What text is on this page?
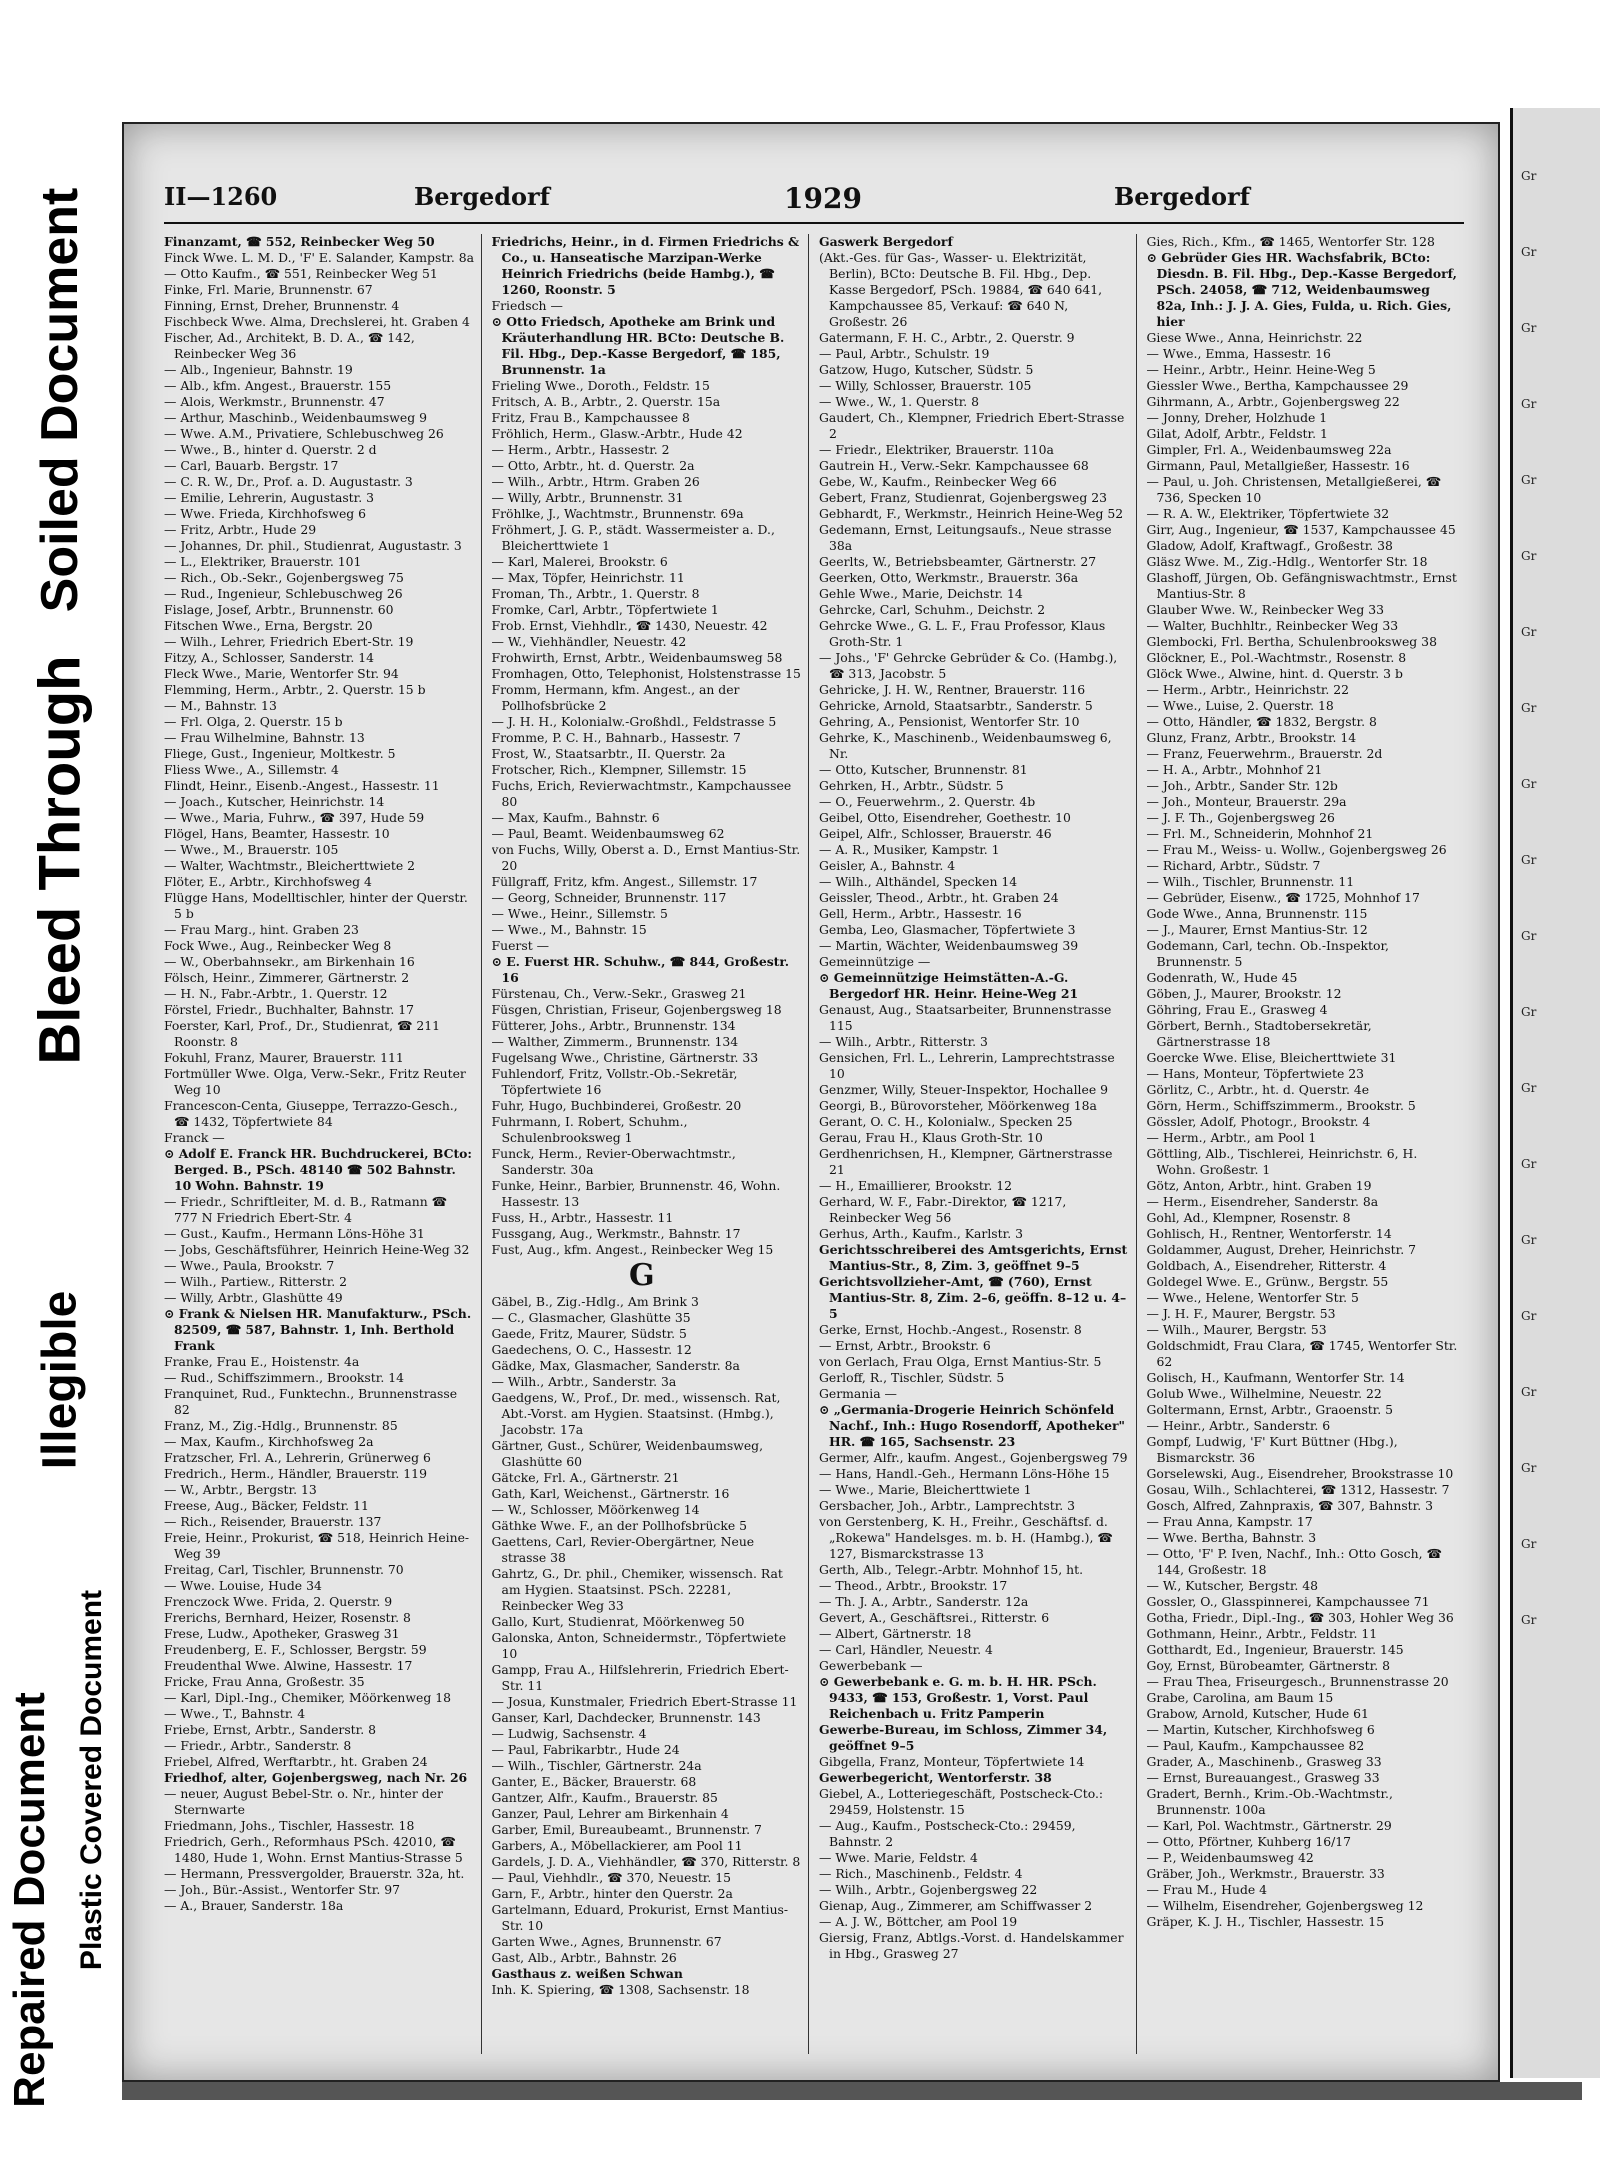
Soiled Document
Bleed Through
Illegible
Repaired Document Plastic Covered Document
II—1260	Bergedorf	1929	Bergedorf
Finanzamt, ☎ 552, Reinbecker Weg 50
Finck Wwe. L. M. D., 'F' E. Salander, Kampstr. 8a
— Otto Kaufm., ☎ 551, Reinbecker Weg 51
Finke, Frl. Marie, Brunnenstr. 67
Finning, Ernst, Dreher, Brunnenstr. 4
Fischbeck Wwe. Alma, Drechslerei, ht. Graben 4
Fischer, Ad., Architekt, B. D. A., ☎ 142, Reinbecker Weg 36
— Alb., Ingenieur, Bahnstr. 19
— Alb., kfm. Angest., Brauerstr. 155
— Alois, Werkmstr., Brunnenstr. 47
— Arthur, Maschinb., Weidenbaumsweg 9
— Wwe. A.M., Privatiere, Schlebuschweg 26
— Wwe., B., hinter d. Querstr. 2 d
— Carl, Bauarb. Bergstr. 17
— C. R. W., Dr., Prof. a. D. Augustastr. 3
— Emilie, Lehrerin, Augustastr. 3
— Wwe. Frieda, Kirchhofsweg 6
— Fritz, Arbtr., Hude 29
— Johannes, Dr. phil., Studienrat, Augustastr. 3
— L., Elektriker, Brauerstr. 101
— Rich., Ob.-Sekr., Gojenbergsweg 75
— Rud., Ingenieur, Schlebuschweg 26
Fislage, Josef, Arbtr., Brunnenstr. 60
Fitschen Wwe., Erna, Bergstr. 20
— Wilh., Lehrer, Friedrich Ebert-Str. 19
Fitzy, A., Schlosser, Sanderstr. 14
Fleck Wwe., Marie, Wentorfer Str. 94
Flemming, Herm., Arbtr., 2. Querstr. 15 b
— M., Bahnstr. 13
— Frl. Olga, 2. Querstr. 15 b
— Frau Wilhelmine, Bahnstr. 13
Fliege, Gust., Ingenieur, Moltkestr. 5
Fliess Wwe., A., Sillemstr. 4
Flindt, Heinr., Eisenb.-Angest., Hassestr. 11
— Joach., Kutscher, Heinrichstr. 14
— Wwe., Maria, Fuhrw., ☎ 397, Hude 59
Flögel, Hans, Beamter, Hassestr. 10
— Wwe., M., Brauerstr. 105
— Walter, Wachtmstr., Bleicherttwiete 2
Flöter, E., Arbtr., Kirchhofsweg 4
Flügge Hans, Modelltischler, hinter der Querstr. 5 b
— Frau Marg., hint. Graben 23
Fock Wwe., Aug., Reinbecker Weg 8
— W., Oberbahnsekr., am Birkenhain 16
Fölsch, Heinr., Zimmerer, Gärtnerstr. 2
— H. N., Fabr.-Arbtr., 1. Querstr. 12
Förstel, Friedr., Buchhalter, Bahnstr. 17
Foerster, Karl, Prof., Dr., Studienrat, ☎ 211 Roonstr. 8
Fokuhl, Franz, Maurer, Brauerstr. 111
Fortmüller Wwe. Olga, Verw.-Sekr., Fritz Reuter Weg 10
Francescon-Centa, Giuseppe, Terrazzo-Gesch., ☎ 1432, Töpfertwiete 84
Franck —
⊙ Adolf E. Franck HR. Buchdruckerei, BCto: Berged. B., PSch. 48140 ☎ 502 Bahnstr. 10 Wohn. Bahnstr. 19
— Friedr., Schriftleiter, M. d. B., Ratmann ☎ 777 N Friedrich Ebert-Str. 4
— Gust., Kaufm., Hermann Löns-Höhe 31
— Jobs, Geschäftsführer, Heinrich Heine-Weg 32
— Wwe., Paula, Brookstr. 7
— Wilh., Partiew., Ritterstr. 2
— Willy, Arbtr., Glashütte 49
⊙ Frank & Nielsen HR. Manufakturw., PSch. 82509, ☎ 587, Bahnstr. 1, Inh. Berthold Frank
Franke, Frau E., Hoistenstr. 4a
— Rud., Schiffszimmern., Brookstr. 14
Franquinet, Rud., Funktechn., Brunnenstrasse 82
Franz, M., Zig.-Hdlg., Brunnenstr. 85
— Max, Kaufm., Kirchhofsweg 2a
Fratzscher, Frl. A., Lehrerin, Grünerweg 6
Fredrich., Herm., Händler, Brauerstr. 119
— W., Arbtr., Bergstr. 13
Freese, Aug., Bäcker, Feldstr. 11
— Rich., Reisender, Brauerstr. 137
Freie, Heinr., Prokurist, ☎ 518, Heinrich Heine-Weg 39
Freitag, Carl, Tischler, Brunnenstr. 70
— Wwe. Louise, Hude 34
Frenczock Wwe. Frida, 2. Querstr. 9
Frerichs, Bernhard, Heizer, Rosenstr. 8
Frese, Ludw., Apotheker, Grasweg 31
Freudenberg, E. F., Schlosser, Bergstr. 59
Freudenthal Wwe. Alwine, Hassestr. 17
Fricke, Frau Anna, Großestr. 35
— Karl, Dipl.-Ing., Chemiker, Möörkenweg 18
— Wwe., T., Bahnstr. 4
Friebe, Ernst, Arbtr., Sanderstr. 8
— Friedr., Arbtr., Sanderstr. 8
Friebel, Alfred, Werftarbtr., ht. Graben 24
Friedhof, alter, Gojenbergsweg, nach Nr. 26
— neuer, August Bebel-Str. o. Nr., hinter der Sternwarte
Friedmann, Johs., Tischler, Hassestr. 18
Friedrich, Gerh., Reformhaus PSch. 42010, ☎ 1480, Hude 1, Wohn. Ernst Mantius-Strasse 5
— Hermann, Pressvergolder, Brauerstr. 32a, ht.
— Joh., Bür.-Assist., Wentorfer Str. 97
— A., Brauer, Sanderstr. 18a
Friedrichs, Heinr., in d. Firmen Friedrichs & Co., u. Hanseatische Marzipan-Werke Heinrich Friedrichs (beide Hambg.), ☎ 1260, Roonstr. 5
Friedsch —
⊙ Otto Friedsch, Apotheke am Brink und Kräuterhandlung HR. BCto: Deutsche B. Fil. Hbg., Dep.-Kasse Bergedorf, ☎ 185, Brunnenstr. 1a
Frieling Wwe., Doroth., Feldstr. 15
Fritsch, A. B., Arbtr., 2. Querstr. 15a
Fritz, Frau B., Kampchaussee 8
Fröhlich, Herm., Glasw.-Arbtr., Hude 42
— Herm., Arbtr., Hassestr. 2
— Otto, Arbtr., ht. d. Querstr. 2a
— Wilh., Arbtr., Htrm. Graben 26
— Willy, Arbtr., Brunnenstr. 31
Fröhlke, J., Wachtmstr., Brunnenstr. 69a
Fröhmert, J. G. P., städt. Wassermeister a. D., Bleicherttwiete 1
— Karl, Malerei, Brookstr. 6
— Max, Töpfer, Heinrichstr. 11
Froman, Th., Arbtr., 1. Querstr. 8
Fromke, Carl, Arbtr., Töpfertwiete 1
Frob. Ernst, Viehhdlr., ☎ 1430, Neuestr. 42
— W., Viehhändler, Neuestr. 42
Frohwirth, Ernst, Arbtr., Weidenbaumsweg 58
Fromhagen, Otto, Telephonist, Holstenstrasse 15
Fromm, Hermann, kfm. Angest., an der Pollhofsbrücke 2
— J. H. H., Kolonialw.-Großhdl., Feldstrasse 5
Fromme, P. C. H., Bahnarb., Hassestr. 7
Frost, W., Staatsarbtr., II. Querstr. 2a
Frotscher, Rich., Klempner, Sillemstr. 15
Fuchs, Erich, Revierwachtmstr., Kampchaussee 80
— Max, Kaufm., Bahnstr. 6
— Paul, Beamt. Weidenbaumsweg 62
von Fuchs, Willy, Oberst a. D., Ernst Mantius-Str. 20
Füllgraff, Fritz, kfm. Angest., Sillemstr. 17
— Georg, Schneider, Brunnenstr. 117
— Wwe., Heinr., Sillemstr. 5
— Wwe., M., Bahnstr. 15
Fuerst —
⊙ E. Fuerst HR. Schuhw., ☎ 844, Großestr. 16
Fürstenau, Ch., Verw.-Sekr., Grasweg 21
Füsgen, Christian, Friseur, Gojenbergsweg 18
Fütterer, Johs., Arbtr., Brunnenstr. 134
— Walther, Zimmerm., Brunnenstr. 134
Fugelsang Wwe., Christine, Gärtnerstr. 33
Fuhlendorf, Fritz, Vollstr.-Ob.-Sekretär, Töpfertwiete 16
Fuhr, Hugo, Buchbinderei, Großestr. 20
Fuhrmann, I. Robert, Schuhm., Schulenbrooksweg 1
Funck, Herm., Revier-Oberwachtmstr., Sanderstr. 30a
Funke, Heinr., Barbier, Brunnenstr. 46, Wohn. Hassestr. 13
Fuss, H., Arbtr., Hassestr. 11
Fussgang, Aug., Werkmstr., Bahnstr. 17
Fust, Aug., kfm. Angest., Reinbecker Weg 15
G
Gäbel, B., Zig.-Hdlg., Am Brink 3
— C., Glasmacher, Glashütte 35
Gaede, Fritz, Maurer, Südstr. 5
Gaedechens, O. C., Hassestr. 12
Gädke, Max, Glasmacher, Sanderstr. 8a
— Wilh., Arbtr., Sanderstr. 3a
Gaedgens, W., Prof., Dr. med., wissensch. Rat, Abt.-Vorst. am Hygien. Staatsinst. (Hmbg.), Jacobstr. 17a
Gärtner, Gust., Schürer, Weidenbaumsweg, Glashütte 60
Gätcke, Frl. A., Gärtnerstr. 21
Gath, Karl, Weichenst., Gärtnerstr. 16
— W., Schlosser, Möörkenweg 14
Gäthke Wwe. F., an der Pollhofsbrücke 5
Gaettens, Carl, Revier-Obergärtner, Neue strasse 38
Gahrtz, G., Dr. phil., Chemiker, wissensch. Rat am Hygien. Staatsinst. PSch. 22281, Reinbecker Weg 33
Gallo, Kurt, Studienrat, Möörkenweg 50
Galonska, Anton, Schneidermstr., Töpfertwiete 10
Gampp, Frau A., Hilfslehrerin, Friedrich Ebert-Str. 11
— Josua, Kunstmaler, Friedrich Ebert-Strasse 11
Ganser, Karl, Dachdecker, Brunnenstr. 143
— Ludwig, Sachsenstr. 4
— Paul, Fabrikarbtr., Hude 24
— Wilh., Tischler, Gärtnerstr. 24a
Ganter, E., Bäcker, Brauerstr. 68
Gantzer, Alfr., Kaufm., Brauerstr. 85
Ganzer, Paul, Lehrer am Birkenhain 4
Garber, Emil, Bureaubeamt., Brunnenstr. 7
Garbers, A., Möbellackierer, am Pool 11
Gardels, J. D. A., Viehhändler, ☎ 370, Ritterstr. 8
— Paul, Viehhdlr., ☎ 370, Neuestr. 15
Garn, F., Arbtr., hinter den Querstr. 2a
Gartelmann, Eduard, Prokurist, Ernst Mantius-Str. 10
Garten Wwe., Agnes, Brunnenstr. 67
Gast, Alb., Arbtr., Bahnstr. 26
Gasthaus z. weißen Schwan
Inh. K. Spiering, ☎ 1308, Sachsenstr. 18
Gaswerk Bergedorf
(Akt.-Ges. für Gas-, Wasser- u. Elektrizität, Berlin), BCto: Deutsche B. Fil. Hbg., Dep. Kasse Bergedorf, PSch. 19884, ☎ 640 641, Kampchaussee 85, Verkauf: ☎ 640 N, Großestr. 26
Gatermann, F. H. C., Arbtr., 2. Querstr. 9
— Paul, Arbtr., Schulstr. 19
Gatzow, Hugo, Kutscher, Südstr. 5
— Willy, Schlosser, Brauerstr. 105
— Wwe., W., 1. Querstr. 8
Gaudert, Ch., Klempner, Friedrich Ebert-Strasse 2
— Friedr., Elektriker, Brauerstr. 110a
Gautrein H., Verw.-Sekr. Kampchaussee 68
Gebe, W., Kaufm., Reinbecker Weg 66
Gebert, Franz, Studienrat, Gojenbergsweg 23
Gebhardt, F., Werkmstr., Heinrich Heine-Weg 52
Gedemann, Ernst, Leitungsaufs., Neue strasse 38a
Geerlts, W., Betriebsbeamter, Gärtnerstr. 27
Geerken, Otto, Werkmstr., Brauerstr. 36a
Gehle Wwe., Marie, Deichstr. 14
Gehrcke, Carl, Schuhm., Deichstr. 2
Gehrcke Wwe., G. L. F., Frau Professor, Klaus Groth-Str. 1
— Johs., 'F' Gehrcke Gebrüder & Co. (Hambg.), ☎ 313, Jacobstr. 5
Gehricke, J. H. W., Rentner, Brauerstr. 116
Gehricke, Arnold, Staatsarbtr., Sanderstr. 5
Gehring, A., Pensionist, Wentorfer Str. 10
Gehrke, K., Maschinenb., Weidenbaumsweg 6, Nr.
— Otto, Kutscher, Brunnenstr. 81
Gehrken, H., Arbtr., Südstr. 5
— O., Feuerwehrm., 2. Querstr. 4b
Geibel, Otto, Eisendreher, Goethestr. 10
Geipel, Alfr., Schlosser, Brauerstr. 46
— A. R., Musiker, Kampstr. 1
Geisler, A., Bahnstr. 4
— Wilh., Althändel, Specken 14
Geissler, Theod., Arbtr., ht. Graben 24
Gell, Herm., Arbtr., Hassestr. 16
Gemba, Leo, Glasmacher, Töpfertwiete 3
— Martin, Wächter, Weidenbaumsweg 39
Gemeinnützige —
⊙ Gemeinnützige Heimstätten-A.-G. Bergedorf HR. Heinr. Heine-Weg 21
Genaust, Aug., Staatsarbeiter, Brunnenstrasse 115
— Wilh., Arbtr., Ritterstr. 3
Gensichen, Frl. L., Lehrerin, Lamprechtstrasse 10
Genzmer, Willy, Steuer-Inspektor, Hochallee 9
Georgi, B., Bürovorsteher, Möörkenweg 18a
Gerant, O. C. H., Kolonialw., Specken 25
Gerau, Frau H., Klaus Groth-Str. 10
Gerdhenrichsen, H., Klempner, Gärtnerstrasse 21
— H., Emaillierer, Brookstr. 12
Gerhard, W. F., Fabr.-Direktor, ☎ 1217, Reinbecker Weg 56
Gerhus, Arth., Kaufm., Karlstr. 3
Gerichtsschreiberei des Amtsgerichts, Ernst Mantius-Str., 8, Zim. 3, geöffnet 9–5
Gerichtsvollzieher-Amt, ☎ (760), Ernst Mantius-Str. 8, Zim. 2–6, geöffn. 8–12 u. 4–5
Gerke, Ernst, Hochb.-Angest., Rosenstr. 8
— Ernst, Arbtr., Brookstr. 6
von Gerlach, Frau Olga, Ernst Mantius-Str. 5
Gerloff, R., Tischler, Südstr. 5
Germania —
⊙ „Germania-Drogerie Heinrich Schönfeld Nachf., Inh.: Hugo Rosendorff, Apotheker" HR. ☎ 165, Sachsenstr. 23
Germer, Alfr., kaufm. Angest., Gojenbergsweg 79
— Hans, Handl.-Geh., Hermann Löns-Höhe 15
— Wwe., Marie, Bleicherttwiete 1
Gersbacher, Joh., Arbtr., Lamprechtstr. 3
von Gerstenberg, K. H., Freihr., Geschäftsf. d. „Rokewa" Handelsges. m. b. H. (Hambg.), ☎ 127, Bismarckstrasse 13
Gerth, Alb., Telegr.-Arbtr. Mohnhof 15, ht.
— Theod., Arbtr., Brookstr. 17
— Th. J. A., Arbtr., Sanderstr. 12a
Gevert, A., Geschäftsrei., Ritterstr. 6
— Albert, Gärtnerstr. 18
— Carl, Händler, Neuestr. 4
Gewerbebank —
⊙ Gewerbebank e. G. m. b. H. HR. PSch. 9433, ☎ 153, Großestr. 1, Vorst. Paul Reichenbach u. Fritz Pamperin
Gewerbe-Bureau, im Schloss, Zimmer 34, geöffnet 9–5
Gibgella, Franz, Monteur, Töpfertwiete 14
Gewerbegericht, Wentorferstr. 38
Giebel, A., Lotteriegeschäft, Postscheck-Cto.: 29459, Holstenstr. 15
— Aug., Kaufm., Postscheck-Cto.: 29459, Bahnstr. 2
— Wwe. Marie, Feldstr. 4
— Rich., Maschinenb., Feldstr. 4
— Wilh., Arbtr., Gojenbergsweg 22
Gienap, Aug., Zimmerer, am Schiffwasser 2
— A. J. W., Böttcher, am Pool 19
Giersig, Franz, Abtlgs.-Vorst. d. Handelskammer in Hbg., Grasweg 27
Gies, Rich., Kfm., ☎ 1465, Wentorfer Str. 128
⊙ Gebrüder Gies HR. Wachsfabrik, BCto: Diesdn. B. Fil. Hbg., Dep.-Kasse Bergedorf, PSch. 24058, ☎ 712, Weidenbaumsweg 82a, Inh.: J. J. A. Gies, Fulda, u. Rich. Gies, hier
Giese Wwe., Anna, Heinrichstr. 22
— Wwe., Emma, Hassestr. 16
— Heinr., Arbtr., Heinr. Heine-Weg 5
Giessler Wwe., Bertha, Kampchaussee 29
Gihrmann, A., Arbtr., Gojenbergsweg 22
— Jonny, Dreher, Holzhude 1
Gilat, Adolf, Arbtr., Feldstr. 1
Gimpler, Frl. A., Weidenbaumsweg 22a
Girmann, Paul, Metallgießer, Hassestr. 16
— Paul, u. Joh. Christensen, Metallgießerei, ☎ 736, Specken 10
— R. A. W., Elektriker, Töpfertwiete 32
Girr, Aug., Ingenieur, ☎ 1537, Kampchaussee 45
Gladow, Adolf, Kraftwagf., Großestr. 38
Gläsz Wwe. M., Zig.-Hdlg., Wentorfer Str. 18
Glashoff, Jürgen, Ob. Gefängniswachtmstr., Ernst Mantius-Str. 8
Glauber Wwe. W., Reinbecker Weg 33
— Walter, Buchhltr., Reinbecker Weg 33
Glembocki, Frl. Bertha, Schulenbrooksweg 38
Glöckner, E., Pol.-Wachtmstr., Rosenstr. 8
Glöck Wwe., Alwine, hint. d. Querstr. 3 b
— Herm., Arbtr., Heinrichstr. 22
— Wwe., Luise, 2. Querstr. 18
— Otto, Händler, ☎ 1832, Bergstr. 8
Glunz, Franz, Arbtr., Brookstr. 14
— Franz, Feuerwehrm., Brauerstr. 2d
— H. A., Arbtr., Mohnhof 21
— Joh., Arbtr., Sander Str. 12b
— Joh., Monteur, Brauerstr. 29a
— J. F. Th., Gojenbergsweg 26
— Frl. M., Schneiderin, Mohnhof 21
— Frau M., Weiss- u. Wollw., Gojenbergsweg 26
— Richard, Arbtr., Südstr. 7
— Wilh., Tischler, Brunnenstr. 11
— Gebrüder, Eisenw., ☎ 1725, Mohnhof 17
Gode Wwe., Anna, Brunnenstr. 115
— J., Maurer, Ernst Mantius-Str. 12
Godemann, Carl, techn. Ob.-Inspektor, Brunnenstr. 5
Godenrath, W., Hude 45
Göben, J., Maurer, Brookstr. 12
Göhring, Frau E., Grasweg 4
Görbert, Bernh., Stadtobersekretär, Gärtnerstrasse 18
Goercke Wwe. Elise, Bleicherttwiete 31
— Hans, Monteur, Töpfertwiete 23
Görlitz, C., Arbtr., ht. d. Querstr. 4e
Görn, Herm., Schiffszimmerm., Brookstr. 5
Gössler, Adolf, Photogr., Brookstr. 4
— Herm., Arbtr., am Pool 1
Göttling, Alb., Tischlerei, Heinrichstr. 6, H. Wohn. Großestr. 1
Götz, Anton, Arbtr., hint. Graben 19
— Herm., Eisendreher, Sanderstr. 8a
Gohl, Ad., Klempner, Rosenstr. 8
Gohlisch, H., Rentner, Wentorferstr. 14
Goldammer, August, Dreher, Heinrichstr. 7
Goldbach, A., Eisendreher, Ritterstr. 4
Goldegel Wwe. E., Grünw., Bergstr. 55
— Wwe., Helene, Wentorfer Str. 5
— J. H. F., Maurer, Bergstr. 53
— Wilh., Maurer, Bergstr. 53
Goldschmidt, Frau Clara, ☎ 1745, Wentorfer Str. 62
Golisch, H., Kaufmann, Wentorfer Str. 14
Golub Wwe., Wilhelmine, Neuestr. 22
Goltermann, Ernst, Arbtr., Graoenstr. 5
— Heinr., Arbtr., Sanderstr. 6
Gompf, Ludwig, 'F' Kurt Büttner (Hbg.), Bismarckstr. 36
Gorselewski, Aug., Eisendreher, Brookstrasse 10
Gosau, Wilh., Schlachterei, ☎ 1312, Hassestr. 7
Gosch, Alfred, Zahnpraxis, ☎ 307, Bahnstr. 3
— Frau Anna, Kampstr. 17
— Wwe. Bertha, Bahnstr. 3
— Otto, 'F' P. Iven, Nachf., Inh.: Otto Gosch, ☎ 144, Großestr. 18
— W., Kutscher, Bergstr. 48
Gossler, O., Glasspinnerei, Kampchaussee 71
Gotha, Friedr., Dipl.-Ing., ☎ 303, Hohler Weg 36
Gothmann, Heinr., Arbtr., Feldstr. 11
Gotthardt, Ed., Ingenieur, Brauerstr. 145
Goy, Ernst, Bürobeamter, Gärtnerstr. 8
— Frau Thea, Friseurgesch., Brunnenstrasse 20
Grabe, Carolina, am Baum 15
Grabow, Arnold, Kutscher, Hude 61
— Martin, Kutscher, Kirchhofsweg 6
— Paul, Kaufm., Kampchaussee 82
Grader, A., Maschinenb., Grasweg 33
— Ernst, Bureauangest., Grasweg 33
Gradert, Bernh., Krim.-Ob.-Wachtmstr., Brunnenstr. 100a
— Karl, Pol. Wachtmstr., Gärtnerstr. 29
— Otto, Pförtner, Kuhberg 16/17
— P., Weidenbaumsweg 42
Gräber, Joh., Werkmstr., Brauerstr. 33
— Frau M., Hude 4
— Wilhelm, Eisendreher, Gojenbergsweg 12
Gräper, K. J. H., Tischler, Hassestr. 15
Gr
Gr
Gr
Gr
Gr
Gr
Gr
Gr
Gr
Gr
Gr
Gr
Gr
Gr
Gr
Gr
Gr
Gr
Gr
Gr
